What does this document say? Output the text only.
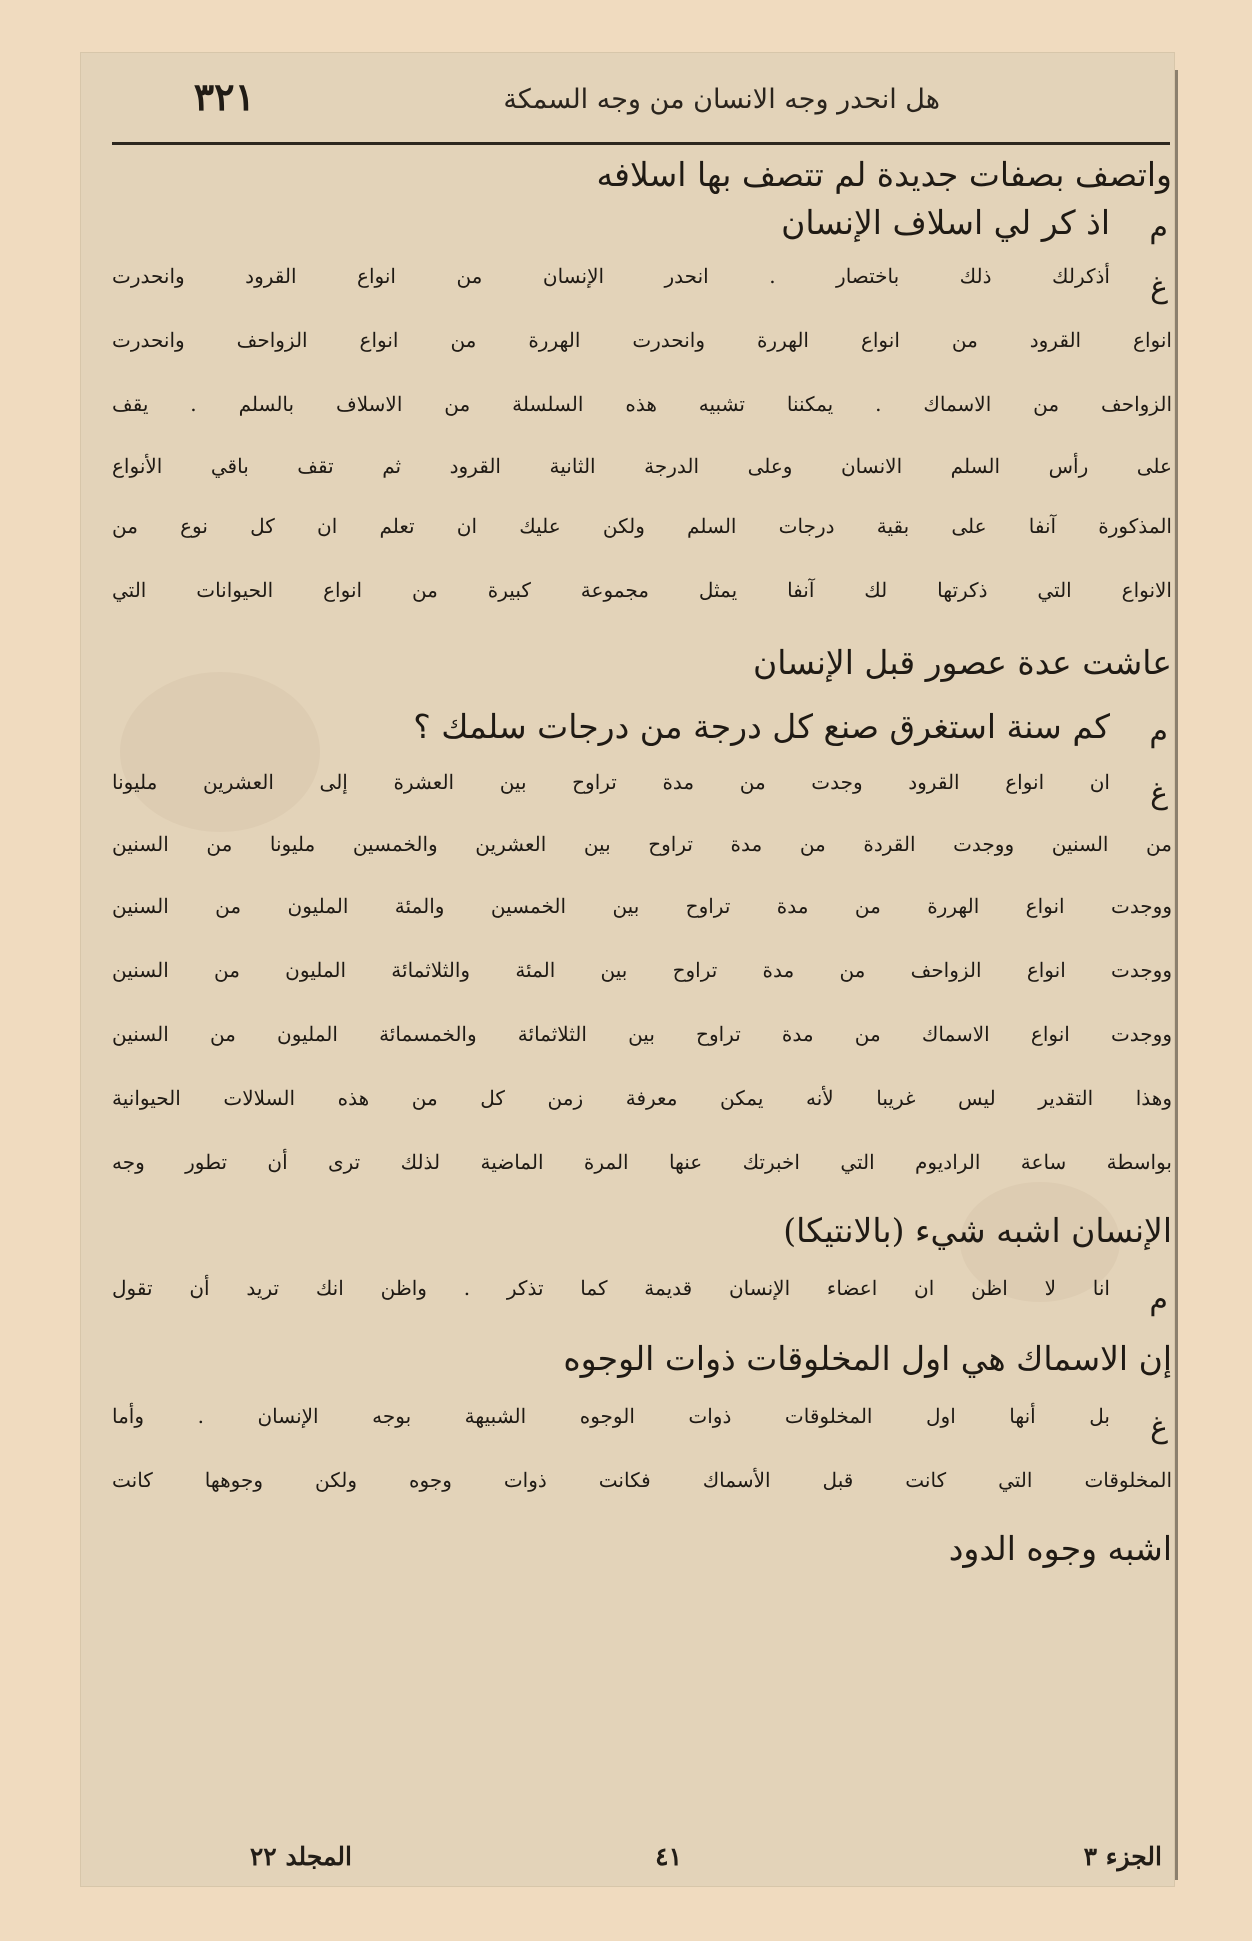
هل انحدر وجه الانسان من وجه السمكة
٣٢١
واتصف بصفات جديدة لم تتصف بها اسلافه
م
اذ كر لي اسلاف الإنسان
غ
أذكرلك ذلك باختصار . انحدر الإنسان من انواع القرود وانحدرت
انواع القرود من انواع الهررة وانحدرت الهررة من انواع الزواحف وانحدرت
الزواحف من الاسماك . يمكننا تشبيه هذه السلسلة من الاسلاف بالسلم . يقف
على رأس السلم الانسان وعلى الدرجة الثانية القرود ثم تقف باقي الأنواع
المذكورة آنفا على بقية درجات السلم ولكن عليك ان تعلم ان كل نوع من
الانواع التي ذكرتها لك آنفا يمثل مجموعة كبيرة من انواع الحيوانات التي
عاشت عدة عصور قبل الإنسان
م
كم سنة استغرق صنع كل درجة من درجات سلمك ؟
غ
ان انواع القرود وجدت من مدة تراوح بين العشرة إلى العشرين مليونا
من السنين ووجدت القردة من مدة تراوح بين العشرين والخمسين مليونا من السنين
ووجدت انواع الهررة من مدة تراوح بين الخمسين والمئة المليون من السنين
ووجدت انواع الزواحف من مدة تراوح بين المئة والثلاثمائة المليون من السنين
ووجدت انواع الاسماك من مدة تراوح بين الثلاثمائة والخمسمائة المليون من السنين
وهذا التقدير ليس غريبا لأنه يمكن معرفة زمن كل من هذه السلالات الحيوانية
بواسطة ساعة الراديوم التي اخبرتك عنها المرة الماضية لذلك ترى أن تطور وجه
الإنسان اشبه شيء (بالانتيكا)
م
انا لا اظن ان اعضاء الإنسان قديمة كما تذكر . واظن انك تريد أن تقول
إن الاسماك هي اول المخلوقات ذوات الوجوه
غ
بل أنها اول المخلوقات ذوات الوجوه الشبيهة بوجه الإنسان . وأما
المخلوقات التي كانت قبل الأسماك فكانت ذوات وجوه ولكن وجوهها كانت
اشبه وجوه الدود
الجزء ٣
٤١
المجلد ٢٢
